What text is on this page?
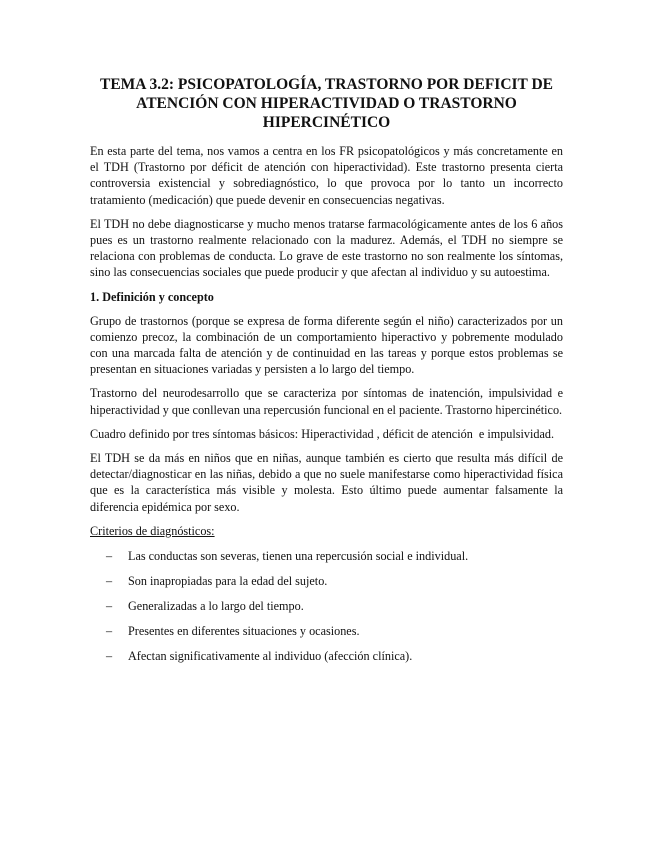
TEMA 3.2: PSICOPATOLOGÍA, TRASTORNO POR DEFICIT DE
ATENCIÓN CON HIPERACTIVIDAD O TRASTORNO
HIPERCINÉTICO

En esta parte del tema, nos vamos a centra en los FR psicopatológicos y más concretamente en el TDH (Trastorno por déficit de atención con hiperactividad). Este trastorno presenta cierta controversia existencial y sobrediagnóstico, lo que provoca por lo tanto un incorrecto tratamiento (medicación) que puede devenir en consecuencias negativas.

El TDH no debe diagnosticarse y mucho menos tratarse farmacológicamente antes de los 6 años pues es un trastorno realmente relacionado con la madurez. Además, el TDH no siempre se relaciona con problemas de conducta. Lo grave de este trastorno no son realmente los síntomas, sino las consecuencias sociales que puede producir y que afectan al individuo y su autoestima.

1. Definición y concepto

Grupo de trastornos (porque se expresa de forma diferente según el niño) caracterizados por un comienzo precoz, la combinación de un comportamiento hiperactivo y pobremente modulado con una marcada falta de atención y de continuidad en las tareas y porque estos problemas se presentan en situaciones variadas y persisten a lo largo del tiempo.

Trastorno del neurodesarrollo que se caracteriza por síntomas de inatención, impulsividad e hiperactividad y que conllevan una repercusión funcional en el paciente. Trastorno hipercinético.

Cuadro definido por tres síntomas básicos: Hiperactividad , déficit de atención  e impulsividad.

El TDH se da más en niños que en niñas, aunque también es cierto que resulta más difícil de detectar/diagnosticar en las niñas, debido a que no suele manifestarse como hiperactividad física que es la característica más visible y molesta. Esto último puede aumentar falsamente la diferencia epidémica por sexo.

Criterios de diagnósticos:
– Las conductas son severas, tienen una repercusión social e individual.
– Son inapropiadas para la edad del sujeto.
– Generalizadas a lo largo del tiempo.
– Presentes en diferentes situaciones y ocasiones.
– Afectan significativamente al individuo (afección clínica).
